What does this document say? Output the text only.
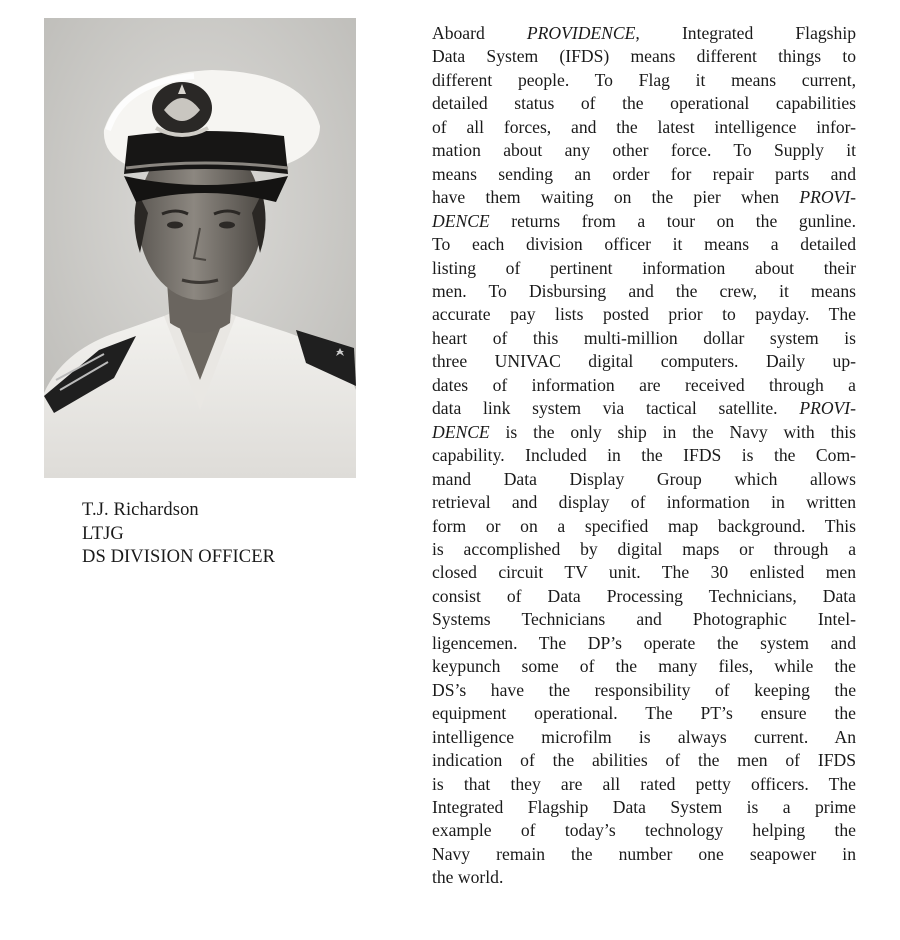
T.J. Richardson
LTJG
DS DIVISION OFFICER
Aboard PROVIDENCE, Integrated Flagship
Data System (IFDS) means different things to
different people. To Flag it means current,
detailed status of the operational capabilities
of all forces, and the latest intelligence infor-
mation about any other force. To Supply it
means sending an order for repair parts and
have them waiting on the pier when PROVI-
DENCE returns from a tour on the gunline.
To each division officer it means a detailed
listing of pertinent information about their
men. To Disbursing and the crew, it means
accurate pay lists posted prior to payday. The
heart of this multi-million dollar system is
three UNIVAC digital computers. Daily up-
dates of information are received through a
data link system via tactical satellite. PROVI-
DENCE is the only ship in the Navy with this
capability. Included in the IFDS is the Com-
mand Data Display Group which allows
retrieval and display of information in written
form or on a specified map background. This
is accomplished by digital maps or through a
closed circuit TV unit. The 30 enlisted men
consist of Data Processing Technicians, Data
Systems Technicians and Photographic Intel-
ligencemen. The DP’s operate the system and
keypunch some of the many files, while the
DS’s have the responsibility of keeping the
equipment operational. The PT’s ensure the
intelligence microfilm is always current. An
indication of the abilities of the men of IFDS
is that they are all rated petty officers. The
Integrated Flagship Data System is a prime
example of today’s technology helping the
Navy remain the number one seapower in
the world.
